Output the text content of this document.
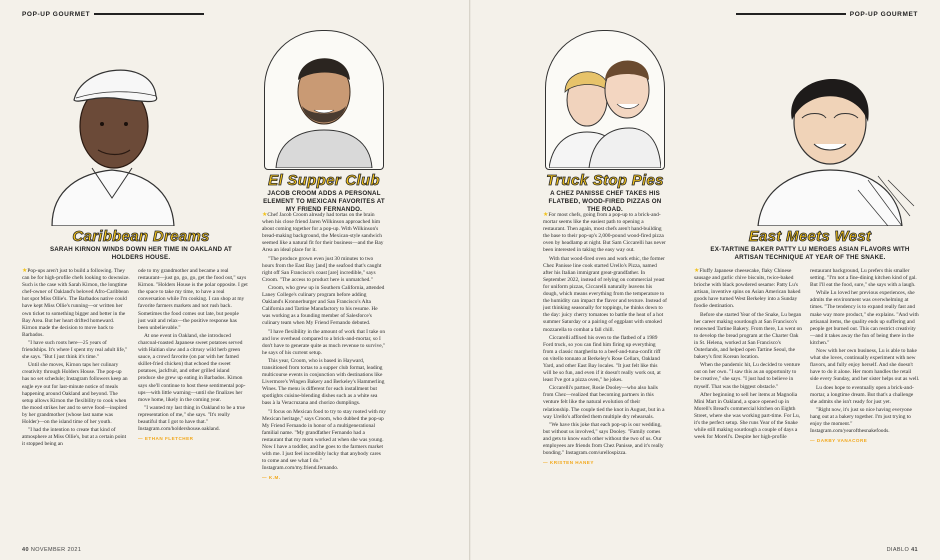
POP-UP GOURMET	POP-UP GOURMET
Caribbean Dreams
SARAH KIRNON WINDS DOWN HER TIME IN OAKLAND AT HOLDERS HOUSE.
El Supper Club
JACOB CROOM ADDS A PERSONAL ELEMENT TO MEXICAN FAVORITES AT MY FRIEND FERNANDO.
Truck Stop Pies
A CHEZ PANISSE CHEF TAKES HIS FLATBED, WOOD-FIRED PIZZAS ON THE ROAD.
East Meets West
EX-TARTINE BAKER PATTY LU MERGES ASIAN FLAVORS WITH ARTISAN TECHNIQUE AT YEAR OF THE SNAKE.

★Pop-ups aren't just to build a following. They can be for high-profile chefs looking to downsize. Such is the case with Sarah Kirnon, the longtime chef-owner of Oakland's beloved Afro-Caribbean hot spot Miss Ollie's. The Barbados native could have kept Miss Ollie's running—or written her own ticket to something bigger and better in the Bay Area. But her heart drifted homeward. Kirnon made the decision to move back to Barbados.

"I have such roots here—25 years of friendships. It's where I spent my real adult life," she says. "But I just think it's time."

Until she moves, Kirnon taps her culinary creativity through Holders House. The pop-up has no set schedule; Instagram followers keep an eagle eye out for last-minute notice of meals happening around Oakland and beyond. The setup allows Kirnon the flexibility to cook when the mood strikes her and to serve food—inspired by her grandmother (whose last name was Holder)—on the island time of her youth.

"I had the intention to create that kind of atmosphere at Miss Ollie's, but at a certain point it stopped being an

ode to my grandmother and became a real restaurant—just go, go, go, get the food out," says Kirnon. "Holders House is the polar opposite. I get the space to take my time, to have a real conversation while I'm cooking. I can shop at my favorite farmers markets and not rush back. Sometimes the food comes out late, but people just wait and relax—the positive response has been unbelievable."

At one event in Oakland, she introduced charcoal-roasted Japanese sweet potatoes served with Haitian slaw and a citrusy wild herb green sauce, a crowd favorite (on par with her famed skillet-fried chicken) that echoed the sweet potatoes, jackfruit, and other grilled island produce she grew up eating in Barbados. Kirnon says she'll continue to host these sentimental pop-ups—with little warning—until she finalizes her move home, likely in the coming year.

"I wanted my last thing in Oakland to be a true representation of me," she says. "It's really beautiful that I got to have that." Instagram.com/holdershouse.oakland.

— ETHAN FLETCHER

★Chef Jacob Croom already had tortas on the brain when his close friend Jaren Wilkinson approached him about coming together for a pop-up. With Wilkinson's bread-making background, the Mexican-style sandwich seemed like a natural fit for their business—and the Bay Area an ideal place for it.

"The produce grown even just 30 minutes to two hours from the East Bay [and] the seafood that's caught right off San Francisco's coast [are] incredible," says Croom. "The access to product here is unmatched."

Croom, who grew up in Southern California, attended Laney College's culinary program before adding Oakland's Kronnerburger and San Francisco's Alta California and Tartine Manufactory to his resume. He was working as a founding member of Salesforce's culinary team when My Friend Fernando debuted.

"I have flexibility in the amount of work that I take on and low overhead compared to a brick-and-mortar, so I don't have to generate quite as much revenue to survive," he says of his current setup.

This year, Croom, who is based in Hayward, transitioned from tortas to a supper club format, leading multicourse events in conjunction with destinations like Livermore's Wingen Bakery and Berkeley's Hammerling Wines. The menu is different for each installment but spotlights cuisine-blending dishes such as a white sea bass à la Veracruzana and chorizo dumplings.

"I focus on Mexican food to try to stay rooted with my Mexican heritage," says Croom, who dubbed the pop-up My Friend Fernando in honor of a multigenerational familial name. "My grandfather Fernando had a restaurant that my mom worked at when she was young. Now I have a toddler, and he goes to the farmers market with me. I just feel incredibly lucky that anybody cares to come and see what I do." Instagram.com/my.friend.fernando.

— K.M.

★For most chefs, going from a pop-up to a brick-and-mortar seems like the easiest path to opening a restaurant. Then again, most chefs aren't hand-building the base to their pop-up's 2,000-pound wood-fired pizza oven by headlamp at night. But Sam Ciccarelli has never been interested in taking the easy way out.

With that wood-fired oven and work ethic, the former Chez Panisse line cook started Urello's Pizza, named after his Italian immigrant great-grandfather. In September 2022, instead of relying on commercial yeast for uniform pizzas, Ciccarelli naturally leavens his dough, which means everything from the temperature to the humidity can impact the flavor and texture. Instead of just thinking seasonally for toppings, he thinks down to the day: juicy cherry tomatoes to battle the heat of a hot summer Saturday or a pairing of eggplant with smoked mozzarella to combat a fall chill.

Ciccarelli affixed his oven to the flatbed of a 1989 Ford truck, so you can find him firing up everything from a classic margherita to a beef-and-tuna-confit riff on vitello tonnato at Berkeley's Rose Cellars, Oakland Yard, and other East Bay locales. "It just felt like this will be so fun, and even if it doesn't really work out, at least I've got a pizza oven," he jokes.

Ciccarelli's partner, Rosie Dooley—who also hails from Chez—realized that becoming partners in this venture felt like the natural evolution of their relationship. The couple tied the knot in August, but in a way Urello's afforded them multiple dry rehearsals.

"We have this joke that each pop-up is our wedding, but without us involved," says Dooley. "Family comes and gets to know each other without the two of us. Our employees are friends from Chez Panisse, and it's really bonding." Instagram.com/urellospizza.

— KRISTEN HANEY

★Fluffy Japanese cheesecake, flaky Chinese sausage and garlic chive biscuits, twice-baked brioche with black powdered sesame: Patty Lu's artisan, inventive spins on Asian American baked goods have turned West Berkeley into a Sunday foodie destination.

Before she started Year of the Snake, Lu began her career making sourdough at San Francisco's renowned Tartine Bakery. From there, Lu went on to develop the bread program at the Charter Oak in St. Helena, worked at San Francisco's Outerlands, and helped open Tartine Seoul, the bakery's first Korean location.

When the pandemic hit, Lu decided to venture out on her own. "I saw this as an opportunity to be creative," she says. "I just had to believe in myself. That was the biggest obstacle."

After beginning to sell her items at Magnolia Mini Mart in Oakland, a space opened up in Morell's Bread's commercial kitchen on Eighth Street, where she was working part-time. For Lu, it's the perfect setup. She runs Year of the Snake while still making sourdough a couple of days a week for Morell's. Despite her high-profile

restaurant background, Lu prefers this smaller setting. "I'm not a fine-dining kitchen kind of gal. But I'll eat the food, sure," she says with a laugh.

While Lu loved her previous experiences, she admits the environment was overwhelming at times. "The tendency is to expand really fast and make way more product," she explains. "And with artisanal items, the quality ends up suffering and people get burned out. This can restrict creativity—and it takes away the fun of being there in the kitchen."

Now with her own business, Lu is able to bake what she loves, continually experiment with new flavors, and fully enjoy herself. And she doesn't have to do it alone. Her mom handles the retail side every Sunday, and her sister helps out as well.

Lu does hope to eventually open a brick-and-mortar, a longtime dream. But that's a challenge she admits she isn't ready for just yet.

"Right now, it's just so nice having everyone hang out at a bakery together. I'm just trying to enjoy the moment." Instagram.com/yearofthesnakefoods.

— DARBY VANACORE
40 NOVEMBER 2021	DIABLO 41
